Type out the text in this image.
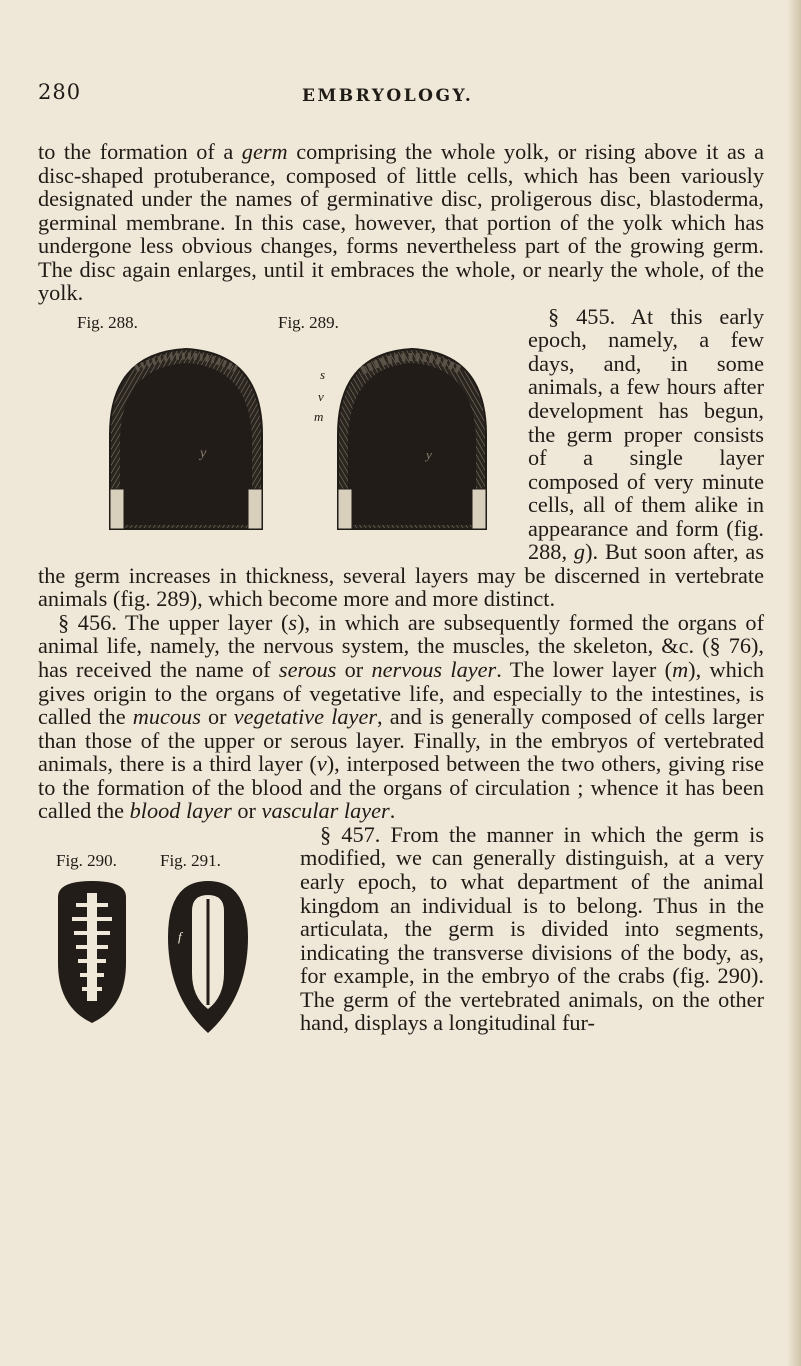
280	EMBRYOLOGY.

to the formation of a germ comprising the whole yolk, or rising above it as a disc-shaped protuberance, composed of little cells, which has been variously designated under the names of germinative disc, proligerous disc, blastoderma, germinal membrane. In this case, however, that portion of the yolk which has undergone less obvious changes, forms nevertheless part of the growing germ. The disc again enlarges, until it embraces the whole, or nearly the whole, of the yolk.

Fig. 288.	Fig. 289.
y
s
v
m
y
§ 455. At this early epoch, namely, a few days, and, in some animals, a few hours after development has begun, the germ proper consists of a single layer composed of very minute cells, all of them alike in appearance and form (fig. 288, g). But soon after, as the germ increases in thickness, several layers may be discerned in vertebrate animals (fig. 289), which become more and more distinct.

§ 456. The upper layer (s), in which are subsequently formed the organs of animal life, namely, the nervous system, the muscles, the skeleton, &c. (§ 76), has received the name of serous or nervous layer. The lower layer (m), which gives origin to the organs of vegetative life, and especially to the intestines, is called the mucous or vegetative layer, and is generally composed of cells larger than those of the upper or serous layer. Finally, in the embryos of vertebrated animals, there is a third layer (v), interposed between the two others, giving rise to the formation of the blood and the organs of circulation ; whence it has been called the blood layer or vascular layer.

Fig. 290.	Fig. 291.
f
§ 457. From the manner in which the germ is modified, we can generally distinguish, at a very early epoch, to what department of the animal kingdom an individual is to belong. Thus in the articulata, the germ is divided into segments, indicating the transverse divisions of the body, as, for example, in the embryo of the crabs (fig. 290). The germ of the vertebrated animals, on the other hand, displays a longitudinal fur-
